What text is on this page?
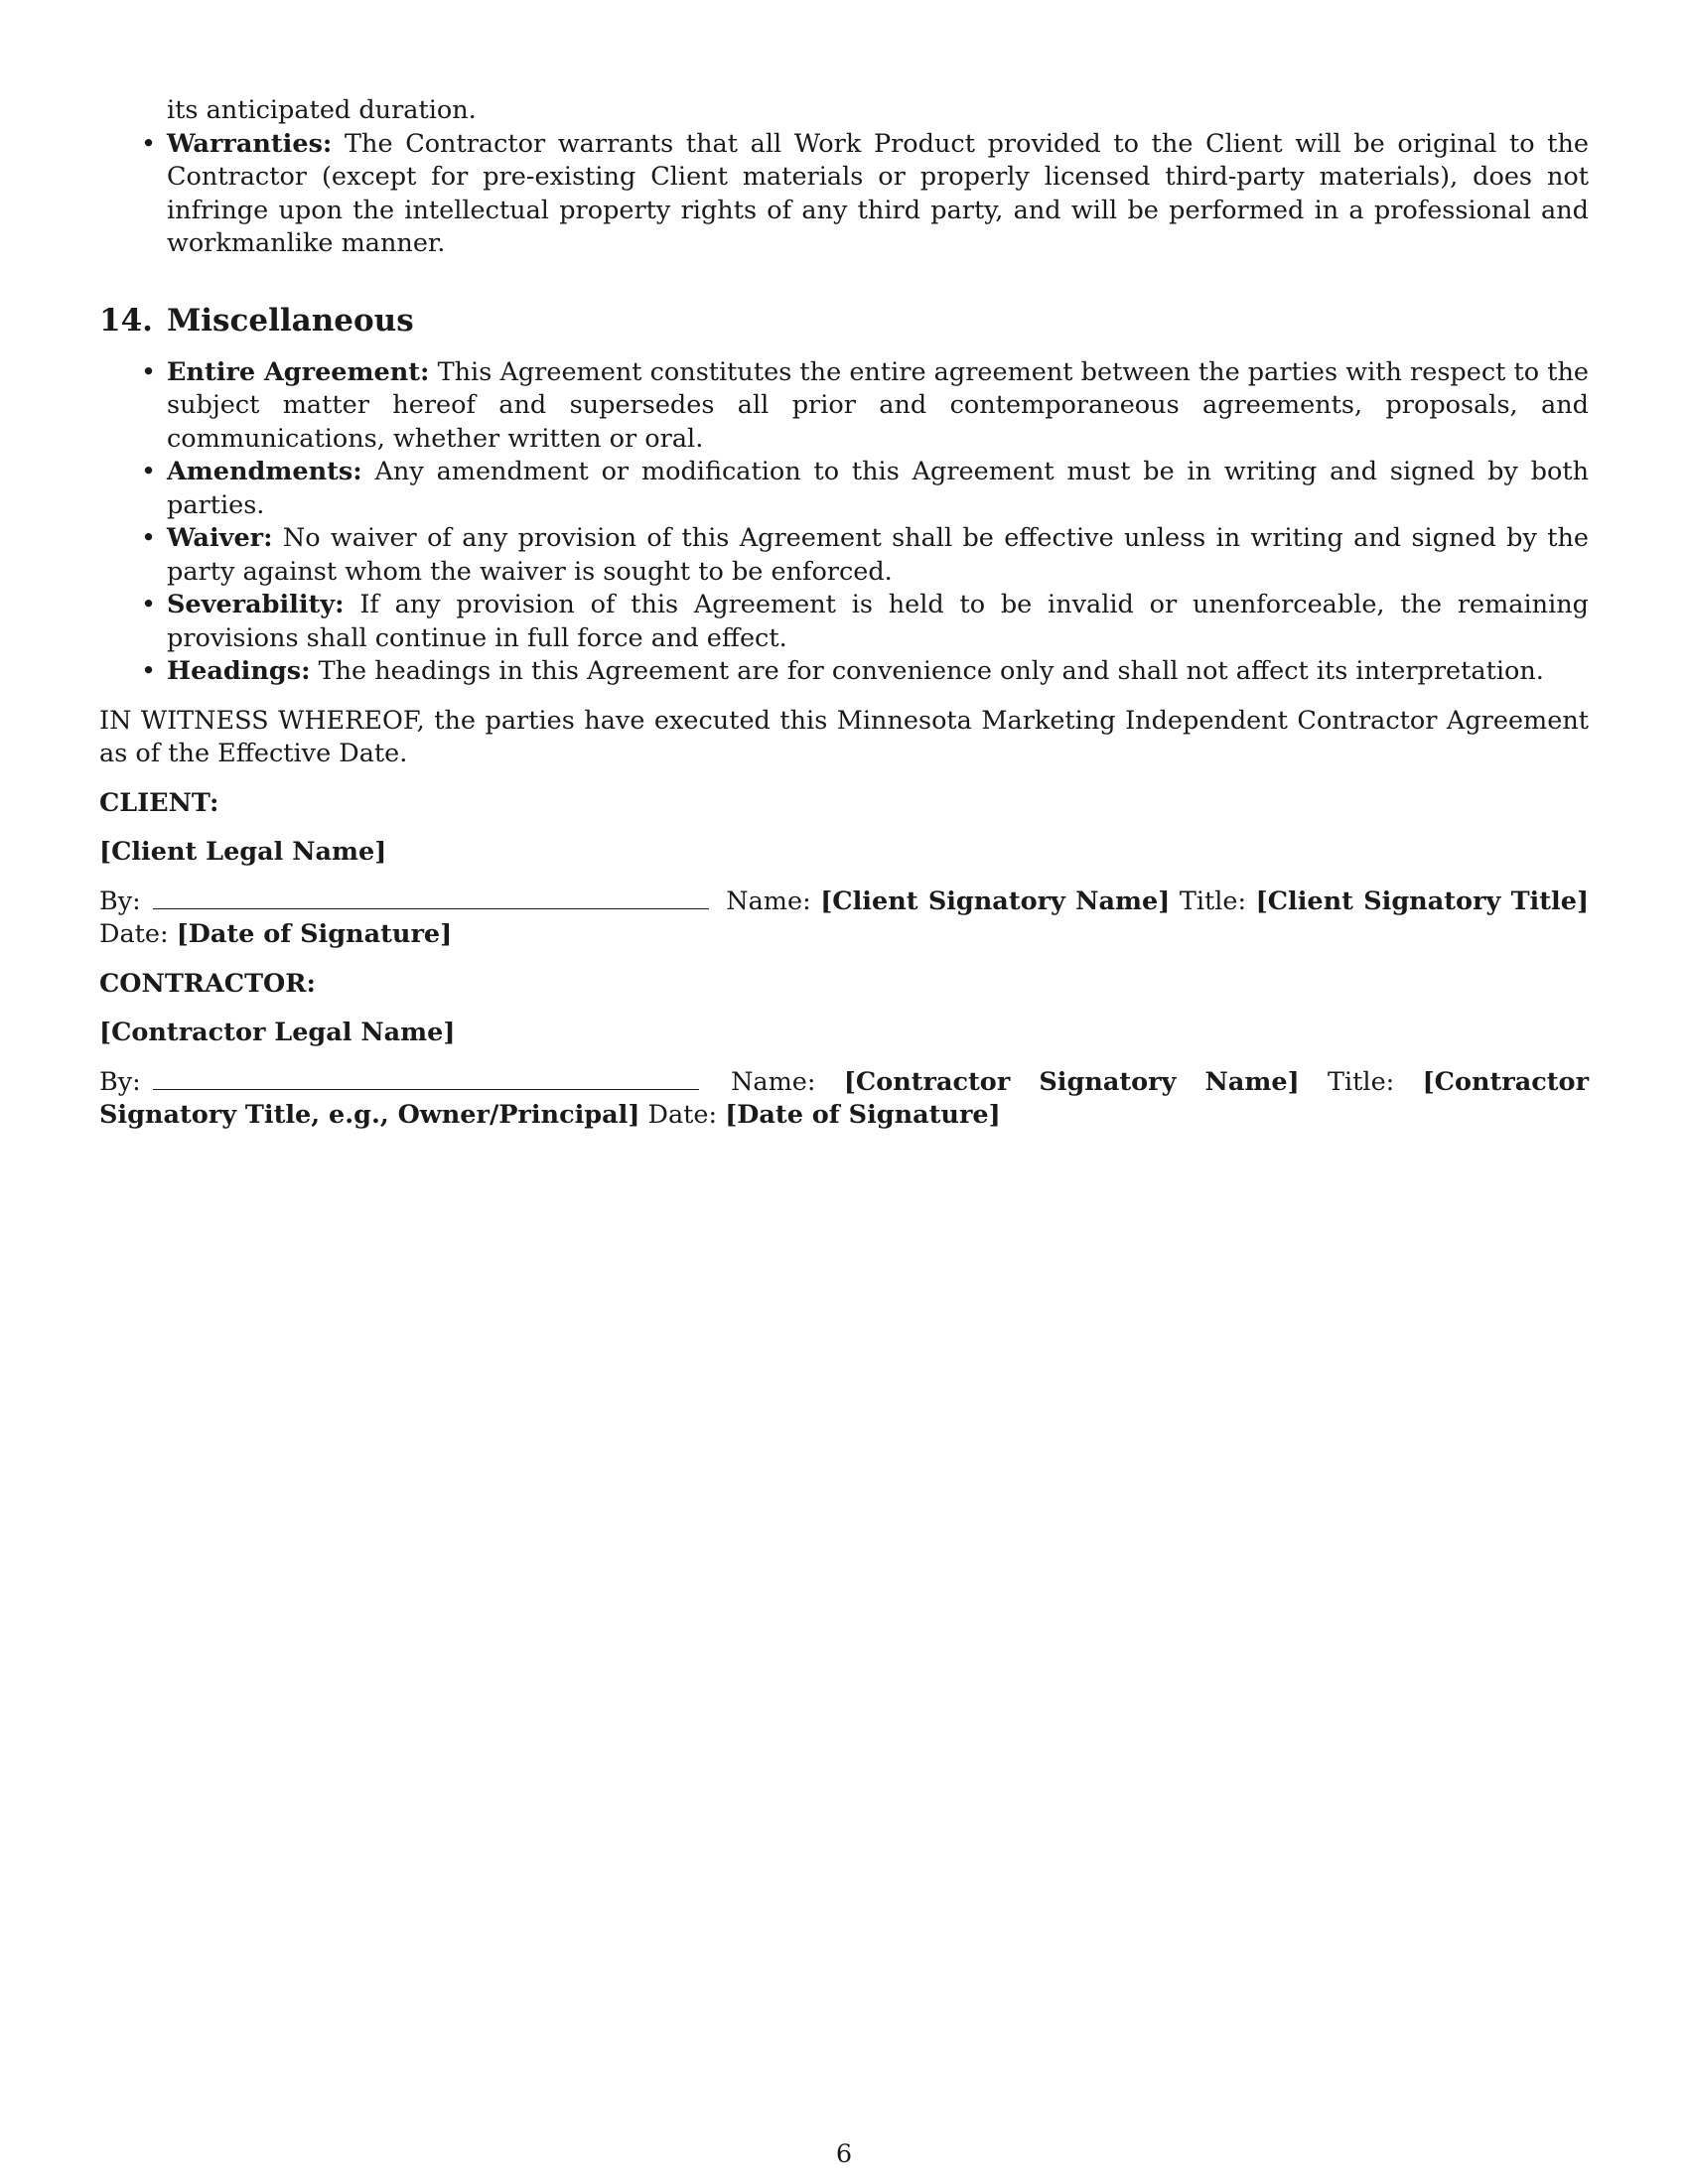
its anticipated duration.

• Warranties: The Contractor warrants that all Work Product provided to the Client will be original to the Contractor (except for pre-existing Client materials or properly licensed third-party materials), does not infringe upon the intellectual property rights of any third party, and will be performed in a professional and workmanlike manner.
14. Miscellaneous
• Entire Agreement: This Agreement constitutes the entire agreement between the parties with respect to the subject matter hereof and supersedes all prior and contemporaneous agreements, proposals, and communications, whether written or oral.
• Amendments: Any amendment or modification to this Agreement must be in writing and signed by both parties.
• Waiver: No waiver of any provision of this Agreement shall be effective unless in writing and signed by the party against whom the waiver is sought to be enforced.
• Severability: If any provision of this Agreement is held to be invalid or unenforceable, the remaining provisions shall continue in full force and effect.
• Headings: The headings in this Agreement are for convenience only and shall not affect its interpretation.

IN WITNESS WHEREOF, the parties have executed this Minnesota Marketing Independent Contractor Agreement as of the Effective Date.

CLIENT:

[Client Legal Name]

By:	Name: [Client Signatory Name] Title: [Client Signatory Title] Date: [Date of Signature]

CONTRACTOR:

[Contractor Legal Name]

By:	Name: [Contractor Signatory Name] Title: [Contractor Signatory Title, e.g., Owner/Principal] Date: [Date of Signature]

6
